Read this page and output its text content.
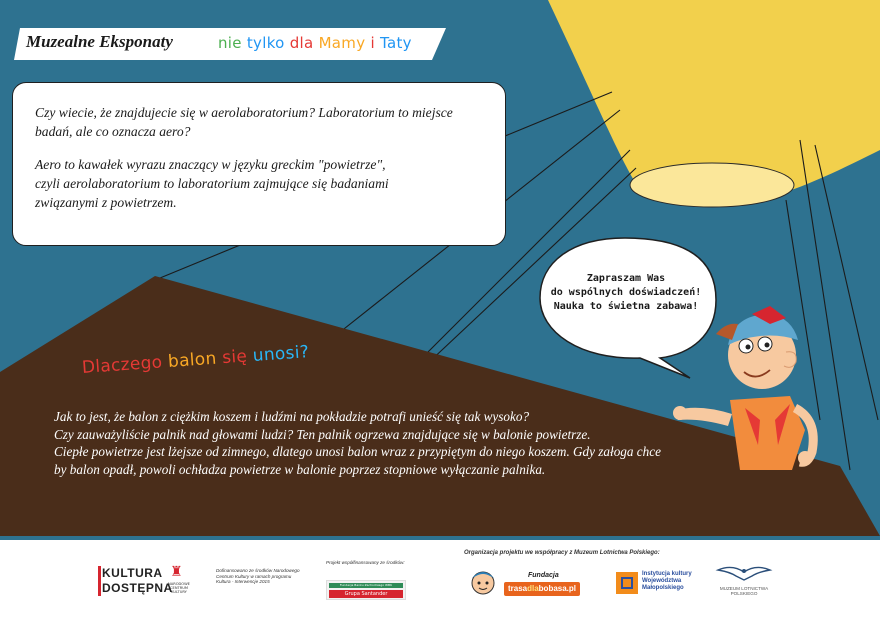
Muzealne Eksponaty	nie tylko dla Mamy i Taty

Czy wiecie, że znajdujecie się w aerolaboratorium? Laboratorium to miejsce
badań, ale co oznacza aero?

Aero to kawałek wyrazu znaczący w języku greckim "powietrze",
czyli aerolaboratorium to laboratorium zajmujące się badaniami
związanymi z powietrzem.

Zapraszam Was
do wspólnych doświadczeń!
Nauka to świetna zabawa!
Dlaczego balon się unosi?
Jak to jest, że balon z ciężkim koszem i ludźmi na pokładzie potrafi unieść się tak wysoko?
Czy zauważyliście palnik nad głowami ludzi? Ten palnik ogrzewa znajdujące się w balonie powietrze.
Ciepłe powietrze jest lżejsze od zimnego, dlatego unosi balon wraz z przypiętym do niego koszem. Gdy załoga chce
by balon opadł, powoli ochładza powietrze w balonie poprzez stopniowe wyłączanie palnika.
KULTURA
DOSTĘPNA
♜
NARODOWE CENTRUM KULTURY
Dofinansowano ze środków Narodowego Centrum Kultury w ramach programu Kultura - Interwencje 2015
Projekt współfinansowany ze środków:
Fundacja Banku Zachodniego WBK
Grupa Santander
Organizacja projektu we współpracy z Muzeum Lotnictwa Polskiego:
Fundacja
trasadlabobasa.pl
Instytucja kultury
Województwa
Małopolskiego	MUZEUM LOTNICTWA
POLSKIEGO
